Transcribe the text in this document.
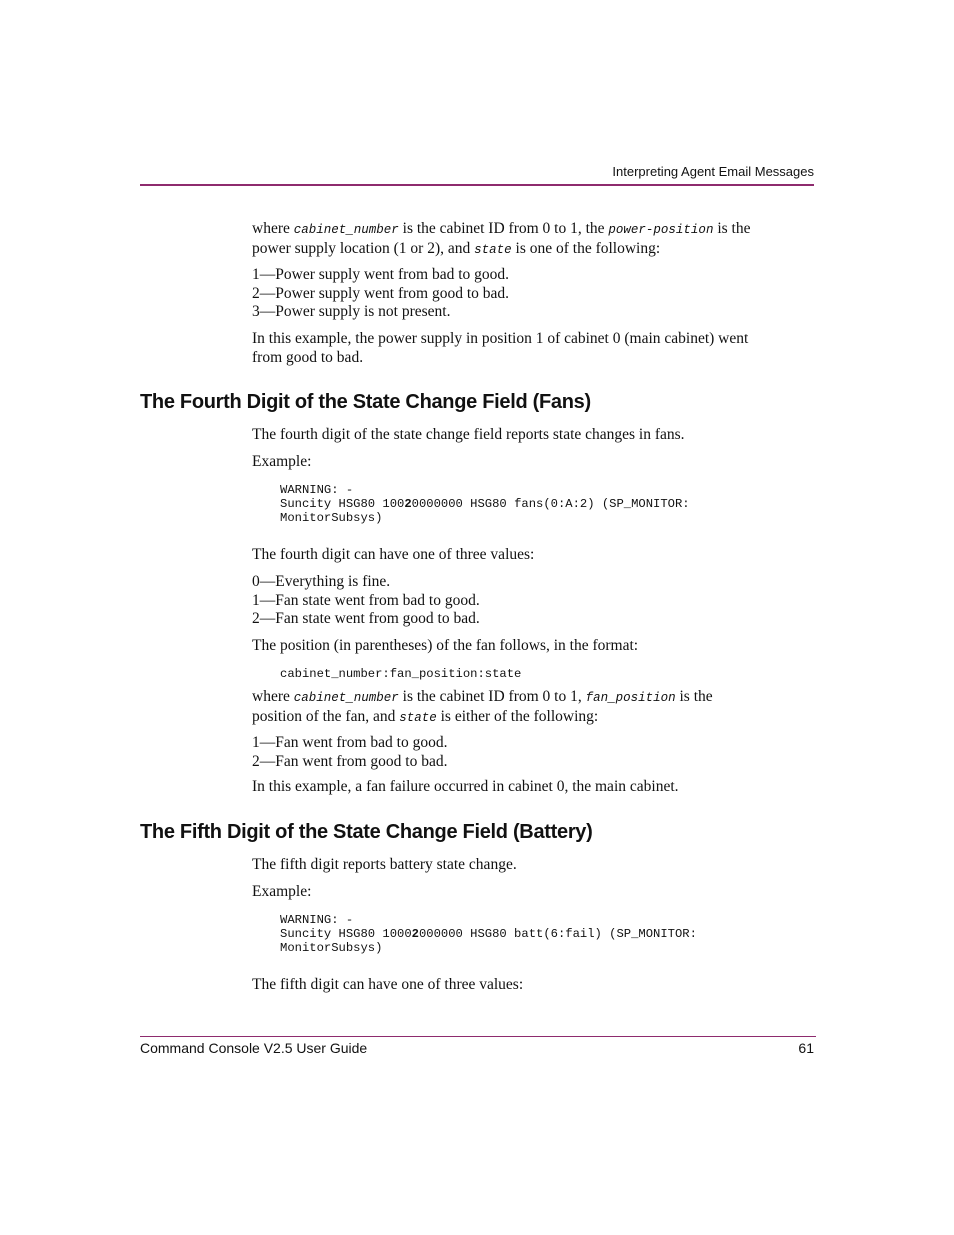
Interpreting Agent Email Messages
where cabinet_number is the cabinet ID from 0 to 1, the power-position is the
power supply location (1 or 2), and state is one of the following:
1—Power supply went from bad to good.
2—Power supply went from good to bad.
3—Power supply is not present.
In this example, the power supply in position 1 of cabinet 0 (main cabinet) went
from good to bad.
The Fourth Digit of the State Change Field (Fans)
The fourth digit of the state change field reports state changes in fans.
Example:
WARNING: -
Suncity HSG80 10020000000 HSG80 fans(0:A:2) (SP_MONITOR:
MonitorSubsys)
The fourth digit can have one of three values:
0—Everything is fine.
1—Fan state went from bad to good.
2—Fan state went from good to bad.
The position (in parentheses) of the fan follows, in the format:
cabinet_number:fan_position:state
where cabinet_number is the cabinet ID from 0 to 1, fan_position is the
position of the fan, and state is either of the following:
1—Fan went from bad to good.
2—Fan went from good to bad.
In this example, a fan failure occurred in cabinet 0, the main cabinet.
The Fifth Digit of the State Change Field (Battery)
The fifth digit reports battery state change.
Example:
WARNING: -
Suncity HSG80 10002000000 HSG80 batt(6:fail) (SP_MONITOR:
MonitorSubsys)
The fifth digit can have one of three values:
Command Console V2.5 User Guide	61
